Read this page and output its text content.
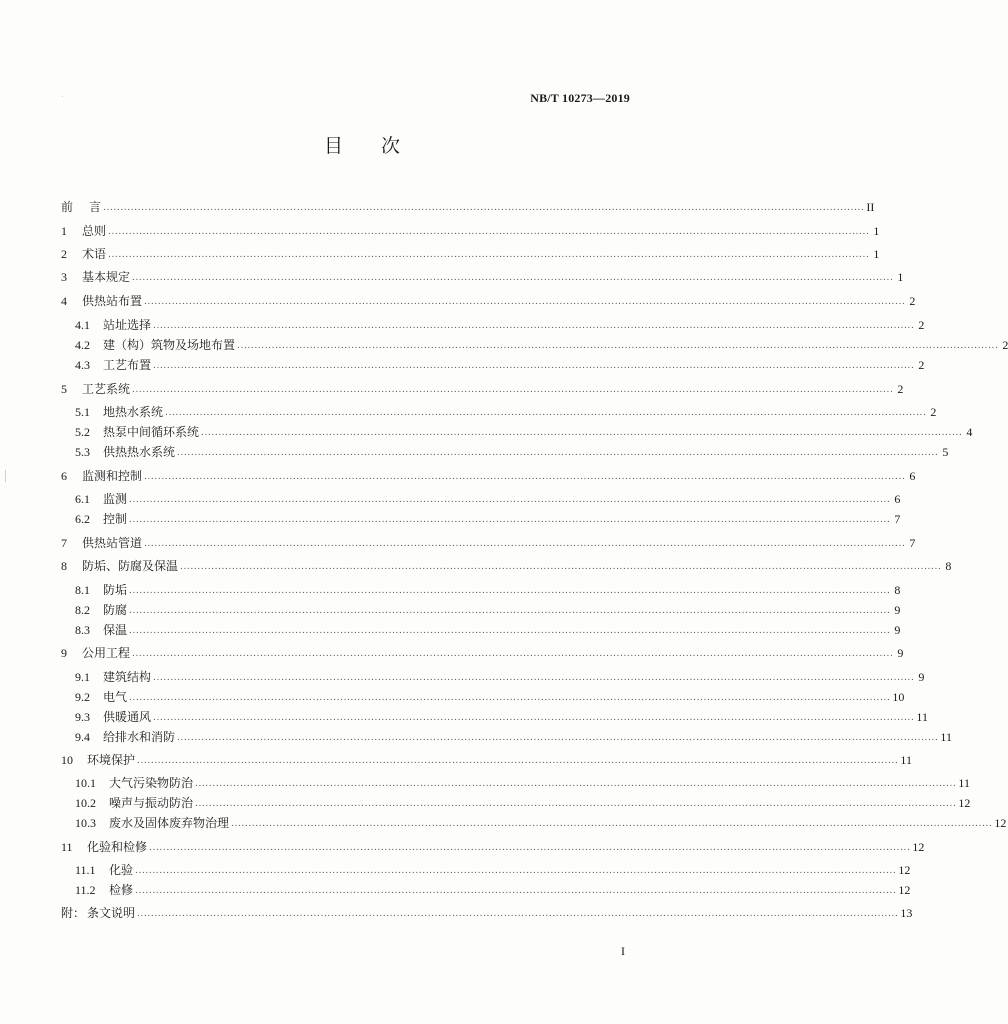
NB/T 10273—2019
目 次
前	言 ............................................................................................................................................................................................................................ II
1	总则 ............................................................................................................................................................................................................................ 1
2	术语 ............................................................................................................................................................................................................................ 1
3	基本规定 ............................................................................................................................................................................................................................ 1
4	供热站布置 ............................................................................................................................................................................................................................ 2
4.1	站址选择 ............................................................................................................................................................................................................................ 2
4.2	建（构）筑物及场地布置 ............................................................................................................................................................................................................................ 2
4.3	工艺布置 ............................................................................................................................................................................................................................ 2
5	工艺系统 ............................................................................................................................................................................................................................ 2
5.1	地热水系统 ............................................................................................................................................................................................................................ 2
5.2	热泵中间循环系统 ............................................................................................................................................................................................................................ 4
5.3	供热热水系统 ............................................................................................................................................................................................................................ 5
6	监测和控制 ............................................................................................................................................................................................................................ 6
6.1	监测 ............................................................................................................................................................................................................................ 6
6.2	控制 ............................................................................................................................................................................................................................ 7
7	供热站管道 ............................................................................................................................................................................................................................ 7
8	防垢、防腐及保温 ............................................................................................................................................................................................................................ 8
8.1	防垢 ............................................................................................................................................................................................................................ 8
8.2	防腐 ............................................................................................................................................................................................................................ 9
8.3	保温 ............................................................................................................................................................................................................................ 9
9	公用工程 ............................................................................................................................................................................................................................ 9
9.1	建筑结构 ............................................................................................................................................................................................................................ 9
9.2	电气 ............................................................................................................................................................................................................................ 10
9.3	供暖通风 ............................................................................................................................................................................................................................ 11
9.4	给排水和消防 ............................................................................................................................................................................................................................ 11
10	环境保护 ............................................................................................................................................................................................................................ 11
10.1	大气污染物防治 ............................................................................................................................................................................................................................ 11
10.2	噪声与振动防治 ............................................................................................................................................................................................................................ 12
10.3	废水及固体废弃物治理 ............................................................................................................................................................................................................................ 12
11	化验和检修 ............................................................................................................................................................................................................................ 12
11.1	化验 ............................................................................................................................................................................................................................ 12
11.2	检修 ............................................................................................................................................................................................................................ 12
附： 条文说明 ............................................................................................................................................................................................................................ 13
I
